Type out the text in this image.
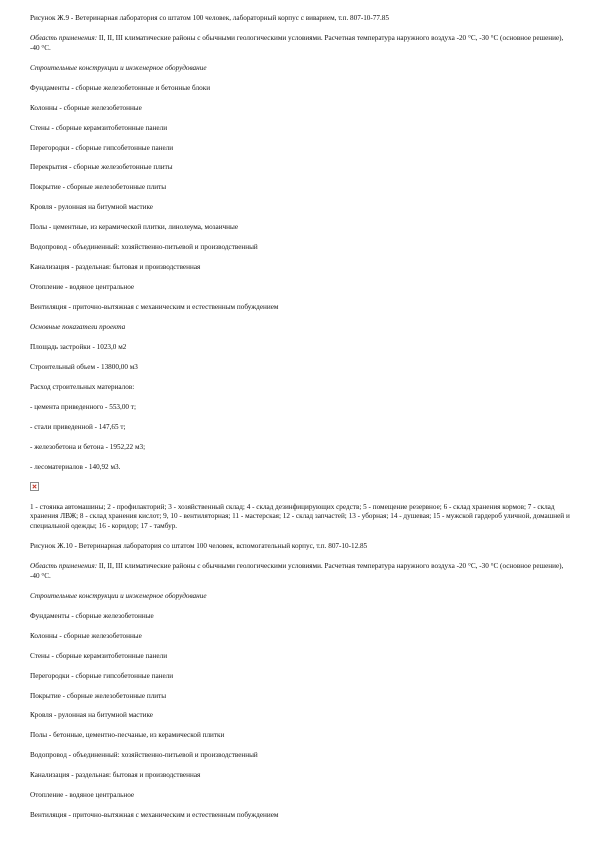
Рисунок Ж.9 - Ветеринарная лаборатория со штатом 100 человек, лабораторный корпус с виварием, т.п. 807-10-77.85

Область применения: II, II, III климатические районы с обычными геологическими условиями. Расчетная температура наружного воздуха -20 °С, -30 °С (основное решение), -40 °С.

Строительные конструкции и инженерное оборудование

Фундаменты - сборные железобетонные и бетонные блоки

Колонны - сборные железобетонные

Стены - сборные керамзитобетонные панели

Перегородки - сборные гипсобетонные панели

Перекрытия - сборные железобетонные плиты

Покрытие - сборные железобетонные плиты

Кровля - рулонная на битумной мастике

Полы - цементные, из керамической плитки, линолеума, мозаичные

Водопровод - объединенный: хозяйственно-питьевой и производственный

Канализация - раздельная: бытовая и производственная

Отопление - водяное центральное

Вентиляция - приточно-вытяжная с механическим и естественным побуждением

Основные показатели проекта

Площадь застройки - 1023,0 м2

Строительный объем - 13800,00 м3

Расход строительных материалов:

- цемента приведенного - 553,00 т;

- стали приведенной - 147,65 т;

- железобетона и бетона - 1952,22 м3;

- лесоматериалов - 140,92 м3.

1 - стоянка автомашины; 2 - профилакторий; 3 - хозяйственный склад; 4 - склад дезинфицирующих средств; 5 - помещение резервное; 6 - склад хранения кормов; 7 - склад хранения ЛВЖ; 8 - склад хранения кислот; 9, 10 - вентиляторная; 11 - мастерская; 12 - склад запчастей; 13 - уборная; 14 - душевая; 15 - мужской гардероб уличной, домашней и специальной одежды; 16 - коридор; 17 - тамбур.

Рисунок Ж.10 - Ветеринарная лаборатория со штатом 100 человек, вспомогательный корпус, т.п. 807-10-12.85

Область применения: II, II, III климатические районы с обычными геологическими условиями. Расчетная температура наружного воздуха -20 °С, -30 °С (основное решение), -40 °С.

Строительные конструкции и инженерное оборудование

Фундаменты - сборные железобетонные

Колонны - сборные железобетонные

Стены - сборные керамзитобетонные панели

Перегородки - сборные гипсобетонные панели

Покрытие - сборные железобетонные плиты

Кровля - рулонная на битумной мастике

Полы - бетонные, цементно-песчаные, из керамической плитки

Водопровод - объединенный: хозяйственно-питьевой и производственный

Канализация - раздельная: бытовая и производственная

Отопление - водяное центральное

Вентиляция - приточно-вытяжная с механическим и естественным побуждением
